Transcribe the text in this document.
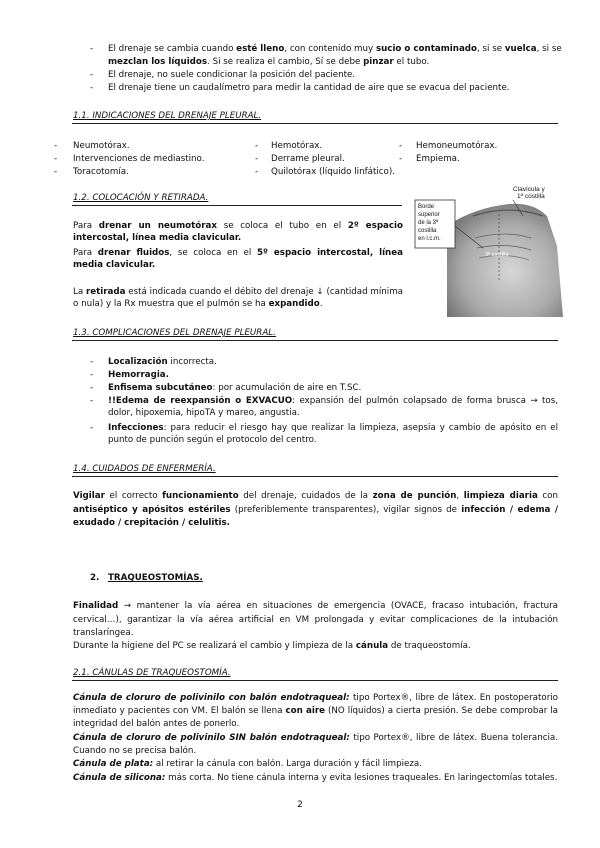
- El drenaje se cambia cuando esté lleno, con contenido muy sucio o contaminado, si se vuelca, si se
mezclan los líquidos. Si se realiza el cambio, Sí se debe pinzar el tubo.
- El drenaje, no suele condicionar la posición del paciente.
- El drenaje tiene un caudalímetro para medir la cantidad de aire que se evacua del paciente.
1.1. INDICACIONES DEL DRENAJE PLEURAL.
- Neumotórax.
- Intervenciones de mediastino.
- Toracotomía.
- Hemotórax.
- Derrame pleural.
- Quilotórax (líquido linfático).
- Hemoneumotórax.
- Empiema.
1.2. COLOCACIÓN Y RETIRADA.
Para drenar un neumotórax se coloca el tubo en el 2º espacio intercostal, línea media clavicular.
Para drenar fluidos, se coloca en el 5º espacio intercostal, línea media clavicular.
La retirada está indicada cuando el débito del drenaje ↓ (cantidad mínima o nula) y la Rx muestra que el pulmón se ha expandido.
Clavícula y
1ª costilla
Borde
superior
de la 3ª
costilla
en l.c.m.
3ª costilla
1.3. COMPLICACIONES DEL DRENAJE PLEURAL.
- Localización incorrecta.
- Hemorragia.
- Enfisema subcutáneo: por acumulación de aire en T.SC.
- !!Edema de reexpansión o EXVACUO: expansión del pulmón colapsado de forma brusca → tos, dolor, hipoxemia, hipoTA y mareo, angustia.
- Infecciones: para reducir el riesgo hay que realizar la limpieza, asepsia y cambio de apósito en el punto de punción según el protocolo del centro.
1.4. CUIDADOS DE ENFERMERÍA.
Vigilar el correcto funcionamiento del drenaje, cuidados de la zona de punción, limpieza diaria con antiséptico y apósitos estériles (preferiblemente transparentes), vigilar signos de infección / edema / exudado / crepitación / celulitis.
2. TRAQUEOSTOMÍAS.
Finalidad → mantener la vía aérea en situaciones de emergencia (OVACE, fracaso intubación, fractura cervical…), garantizar la vía aérea artificial en VM prolongada y evitar complicaciones de la intubación translaríngea.
Durante la higiene del PC se realizará el cambio y limpieza de la cánula de traqueostomía.
2.1. CÁNULAS DE TRAQUEOSTOMÍA.
Cánula de cloruro de polivinilo con balón endotraqueal: tipo Portex®, libre de látex. En postoperatorio inmediato y pacientes con VM. El balón se llena con aire (NO líquidos) a cierta presión. Se debe comprobar la integridad del balón antes de ponerlo.
Cánula de cloruro de polivinilo SIN balón endotraqueal: tipo Portex®, libre de látex. Buena tolerancia. Cuando no se precisa balón.
Cánula de plata: al retirar la cánula con balón. Larga duración y fácil limpieza.
Cánula de silicona: más corta. No tiene cánula interna y evita lesiones traqueales. En laringectomías totales.
2
